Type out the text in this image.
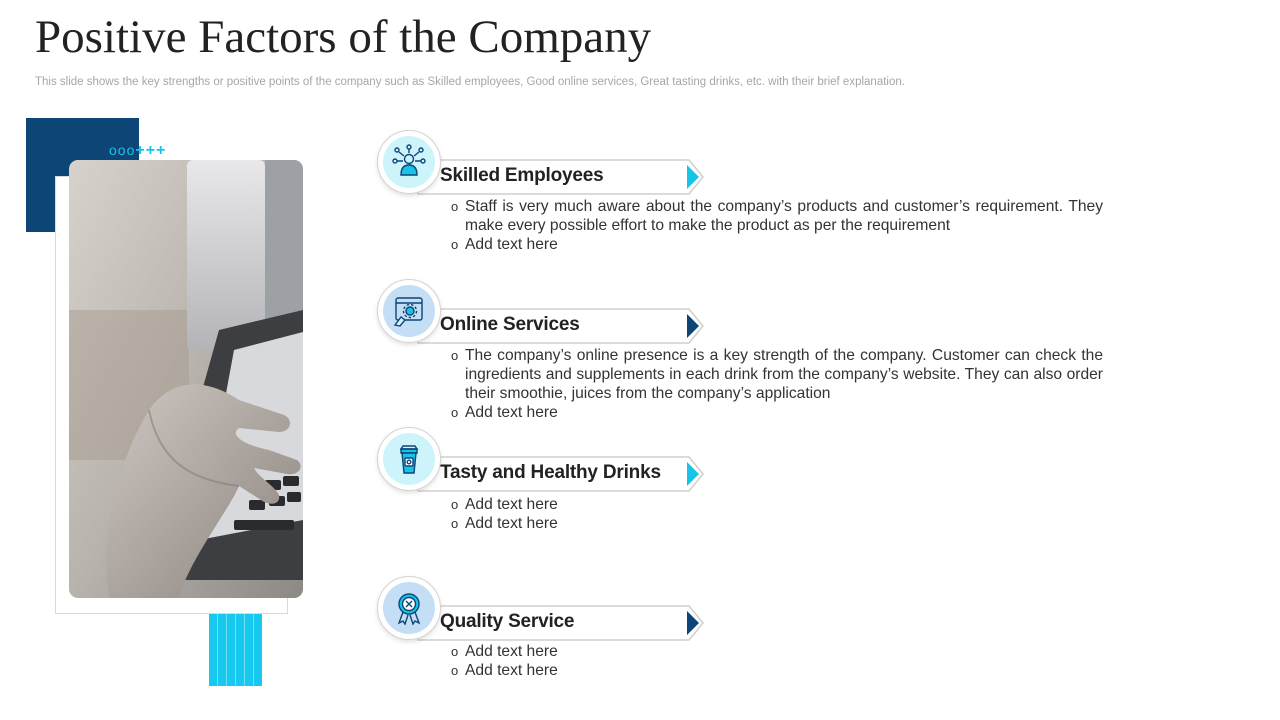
Positive Factors of the Company

This slide shows the key strengths or positive points of the company such as Skilled employees, Good online services, Great tasting drinks, etc. with their brief explanation.

ooo+++
Skilled Employees
o Staff is very much aware about the company’s products and customer’s requirement. They make every possible effort to make the product as per the requirement
o Add text here
Online Services
o The company’s online presence is a key strength of the company. Customer can check the ingredients and supplements in each drink from the company’s website. They can also order their smoothie, juices from the company’s application
o Add text here
Tasty and Healthy Drinks
o Add text here
o Add text here
Quality Service
o Add text here
o Add text here
